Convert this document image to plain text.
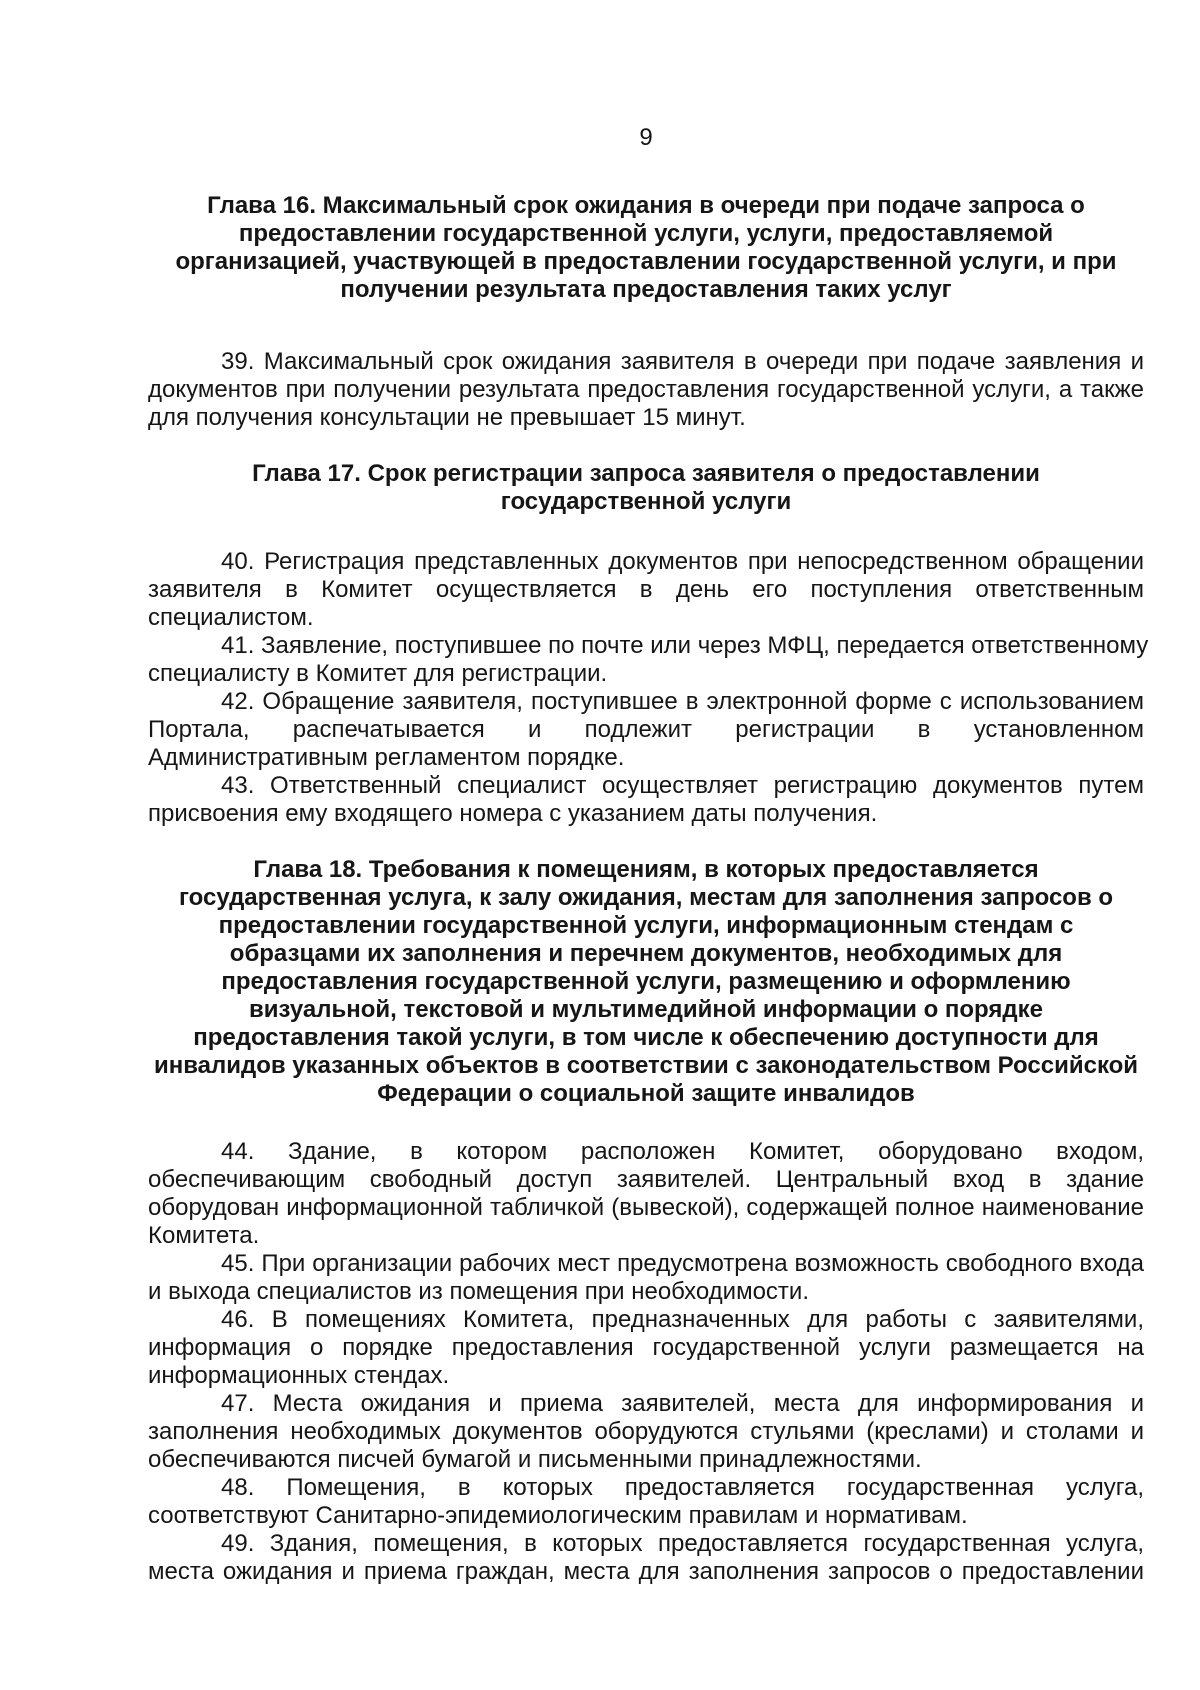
9
Глава 16. Максимальный срок ожидания в очереди при подаче запроса о
предоставлении государственной услуги, услуги, предоставляемой
организацией, участвующей в предоставлении государственной услуги, и при
получении результата предоставления таких услуг
39. Максимальный срок ожидания заявителя в очереди при подаче заявления и
документов при получении результата предоставления государственной услуги, а также
для получения консультации не превышает 15 минут.
Глава 17. Срок регистрации запроса заявителя о предоставлении
государственной услуги
40. Регистрация представленных документов при непосредственном обращении
заявителя в Комитет осуществляется в день его поступления ответственным
специалистом.
41. Заявление, поступившее по почте или через МФЦ, передается ответственному
специалисту в Комитет для регистрации.
42. Обращение заявителя, поступившее в электронной форме с использованием
Портала, распечатывается и подлежит регистрации в установленном
Административным регламентом порядке.
43. Ответственный специалист осуществляет регистрацию документов путем
присвоения ему входящего номера с указанием даты получения.
Глава 18. Требования к помещениям, в которых предоставляется
государственная услуга, к залу ожидания, местам для заполнения запросов о
предоставлении государственной услуги, информационным стендам с
образцами их заполнения и перечнем документов, необходимых для
предоставления государственной услуги, размещению и оформлению
визуальной, текстовой и мультимедийной информации о порядке
предоставления такой услуги, в том числе к обеспечению доступности для
инвалидов указанных объектов в соответствии с законодательством Российской
Федерации о социальной защите инвалидов
44. Здание, в котором расположен Комитет, оборудовано входом,
обеспечивающим свободный доступ заявителей. Центральный вход в здание
оборудован информационной табличкой (вывеской), содержащей полное наименование
Комитета.
45. При организации рабочих мест предусмотрена возможность свободного входа
и выхода специалистов из помещения при необходимости.
46. В помещениях Комитета, предназначенных для работы с заявителями,
информация о порядке предоставления государственной услуги размещается на
информационных стендах.
47. Места ожидания и приема заявителей, места для информирования и
заполнения необходимых документов оборудуются стульями (креслами) и столами и
обеспечиваются писчей бумагой и письменными принадлежностями.
48. Помещения, в которых предоставляется государственная услуга,
соответствуют Санитарно-эпидемиологическим правилам и нормативам.
49. Здания, помещения, в которых предоставляется государственная услуга,
места ожидания и приема граждан, места для заполнения запросов о предоставлении
